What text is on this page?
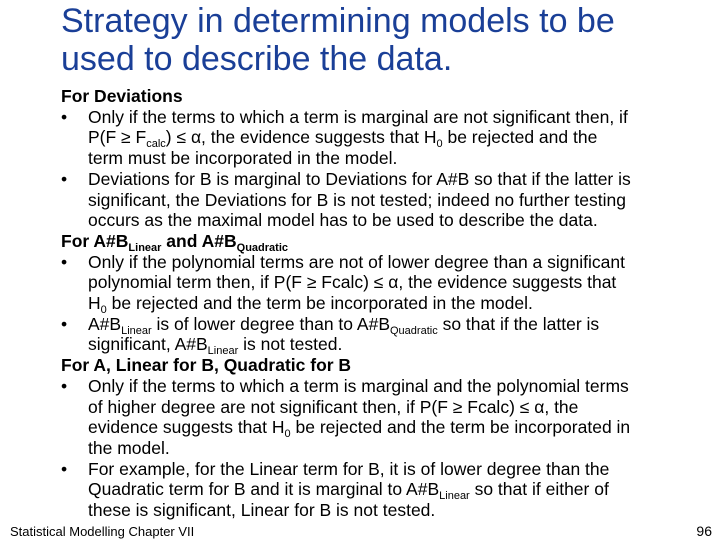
Strategy in determining models to be
used to describe the data.
For Deviations
• Only if the terms to which a term is marginal are not significant then, if
$P(F \ge F_{calc}) \le \alpha$, the evidence suggests that $H_0$ be rejected and the
term must be incorporated in the model.
• Deviations for B is marginal to Deviations for A#B so that if the latter is
significant, the Deviations for B is not tested; indeed no further testing
occurs as the maximal model has to be used to describe the data.
For $A\#B_{Linear}$ and $A\#B_{Quadratic}$
• Only if the polynomial terms are not of lower degree than a significant
polynomial term then, if P(F ≥ Fcalc) ≤ α, the evidence suggests that
$H_0$ be rejected and the term be incorporated in the model.
• $A\#B_{Linear}$ is of lower degree than to $A\#B_{Quadratic}$ so that if the latter is
significant, $A\#B_{Linear}$ is not tested.
For A, Linear for B, Quadratic for B
• Only if the terms to which a term is marginal and the polynomial terms
of higher degree are not significant then, if P(F ≥ Fcalc) ≤ α, the
evidence suggests that $H_0$ be rejected and the term be incorporated in
the model.
• For example, for the Linear term for B, it is of lower degree than the
Quadratic term for B and it is marginal to $A\#B_{Linear}$ so that if either of
these is significant, Linear for B is not tested.
Statistical Modelling Chapter VII	96
